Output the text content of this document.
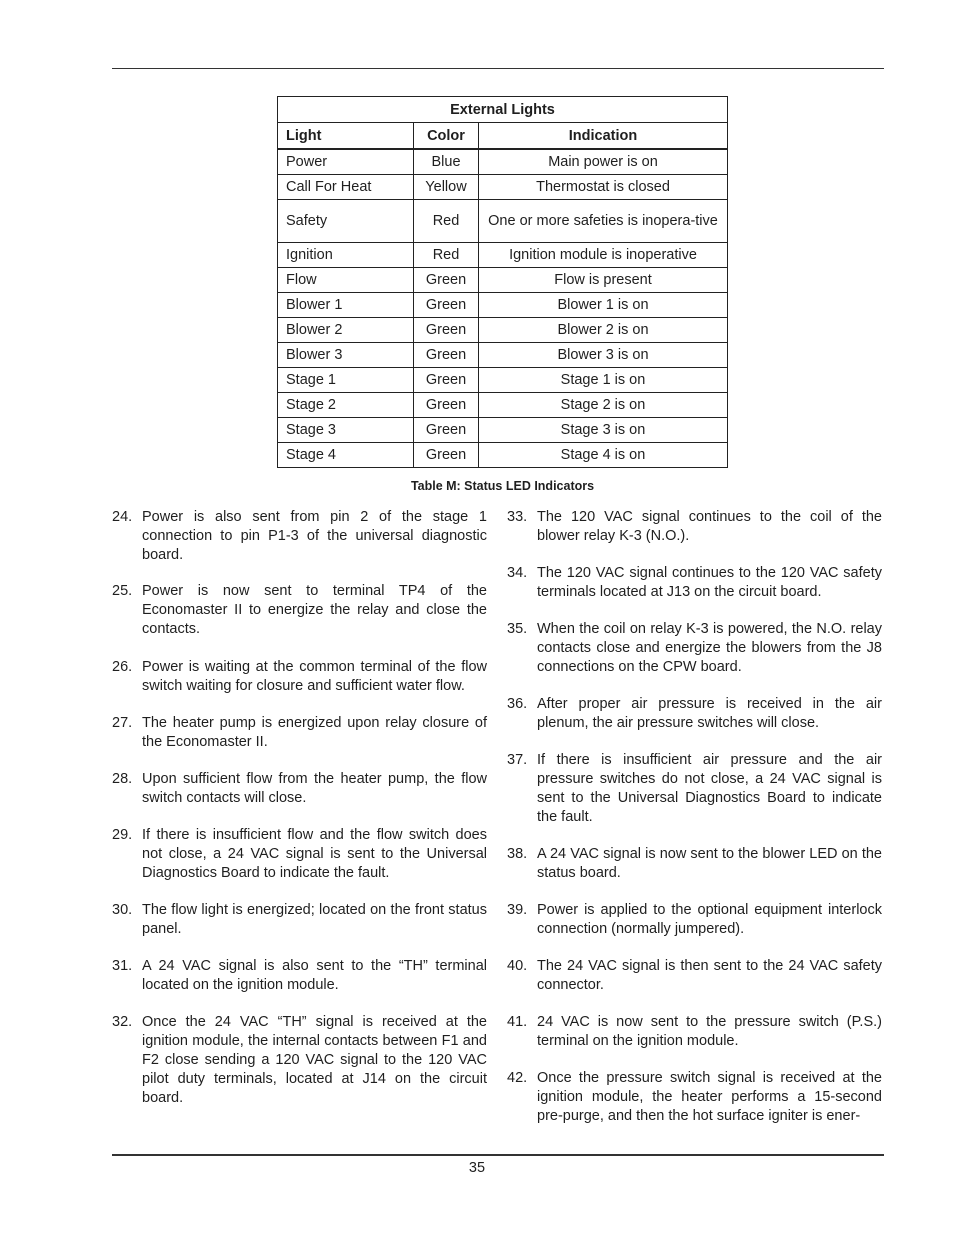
External Lights		
Light	Color	Indication
Power	Blue	Main power is on
Call For Heat	Yellow	Thermostat is closed
Safety	Red	One or more safeties is inopera-tive
Ignition	Red	Ignition module is inoperative
Flow	Green	Flow is present
Blower 1	Green	Blower 1 is on
Blower 2	Green	Blower 2 is on
Blower 3	Green	Blower 3 is on
Stage 1	Green	Stage 1 is on
Stage 2	Green	Stage 2 is on
Stage 3	Green	Stage 3 is on
Stage 4	Green	Stage 4 is on
Table M: Status LED Indicators
24. Power is also sent from pin 2 of the stage 1 connection to pin P1-3 of the universal diagnostic board.
25. Power is now sent to terminal TP4 of the Economaster II to energize the relay and close the contacts.
26. Power is waiting at the common terminal of the flow switch waiting for closure and sufficient water flow.
27. The heater pump is energized upon relay closure of the Economaster II.
28. Upon sufficient flow from the heater pump, the flow switch contacts will close.
29. If there is insufficient flow and the flow switch does not close, a 24 VAC signal is sent to the Universal Diagnostics Board to indicate the fault.
30. The flow light is energized; located on the front status panel.
31. A 24 VAC signal is also sent to the “TH” terminal located on the ignition module.
32. Once the 24 VAC “TH” signal is received at the ignition module, the internal contacts between F1 and F2 close sending a 120 VAC signal to the 120 VAC pilot duty terminals, located at J14 on the circuit board.
33. The 120 VAC signal continues to the coil of the blower relay K-3 (N.O.).
34. The 120 VAC signal continues to the 120 VAC safety terminals located at J13 on the circuit board.
35. When the coil on relay K-3 is powered, the N.O. relay contacts close and energize the blowers from the J8 connections on the CPW board.
36. After proper air pressure is received in the air plenum, the air pressure switches will close.
37. If there is insufficient air pressure and the air pressure switches do not close, a 24 VAC signal is sent to the Universal Diagnostics Board to indicate the fault.
38. A 24 VAC signal is now sent to the blower LED on the status board.
39. Power is applied to the optional equipment interlock connection (normally jumpered).
40. The 24 VAC signal is then sent to the 24 VAC safety connector.
41. 24 VAC is now sent to the pressure switch (P.S.) terminal on the ignition module.
42. Once the pressure switch signal is received at the ignition module, the heater performs a 15-second pre-purge, and then the hot surface igniter is ener-
35
